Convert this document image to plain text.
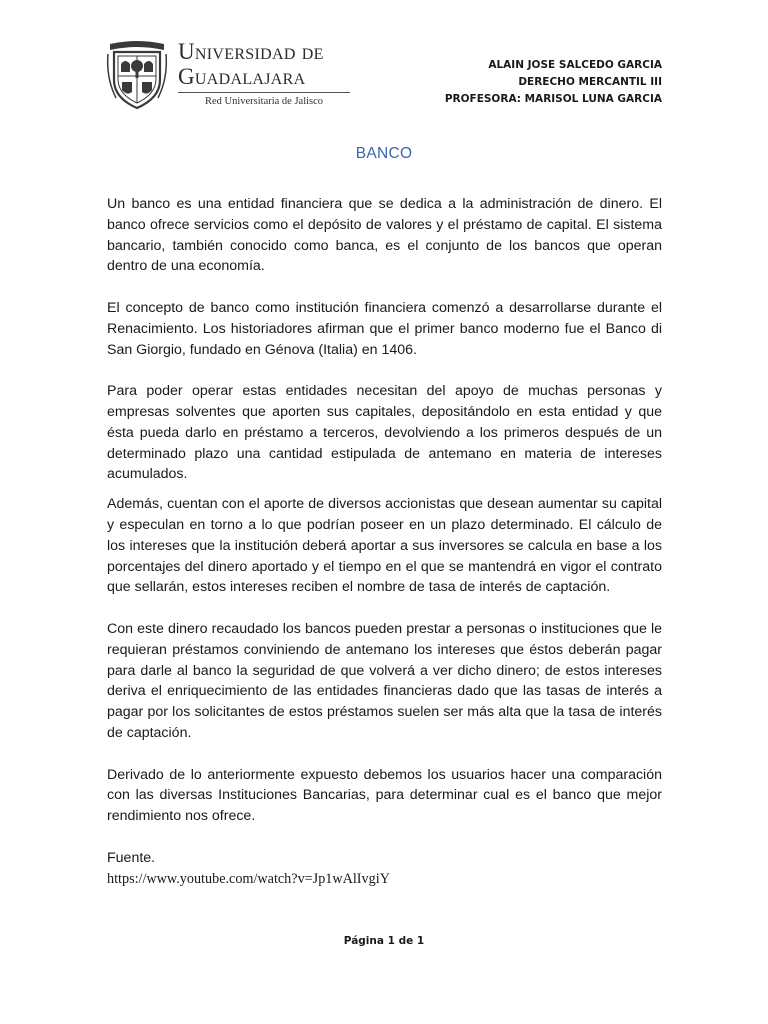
Universidad de
Guadalajara
Red Universitaria de Jalisco
ALAIN JOSE SALCEDO GARCIA
DERECHO MERCANTIL III
PROFESORA: MARISOL LUNA GARCIA
BANCO

Un banco es una entidad financiera que se dedica a la administración de dinero. El banco ofrece servicios como el depósito de valores y el préstamo de capital. El sistema bancario, también conocido como banca, es el conjunto de los bancos que operan dentro de una economía.

El concepto de banco como institución financiera comenzó a desarrollarse durante el Renacimiento. Los historiadores afirman que el primer banco moderno fue el Banco di San Giorgio, fundado en Génova (Italia) en 1406.

Para poder operar estas entidades necesitan del apoyo de muchas personas y empresas solventes que aporten sus capitales, depositándolo en esta entidad y que ésta pueda darlo en préstamo a terceros, devolviendo a los primeros después de un determinado plazo una cantidad estipulada de antemano en materia de intereses acumulados.

Además, cuentan con el aporte de diversos accionistas que desean aumentar su capital y especulan en torno a lo que podrían poseer en un plazo determinado. El cálculo de los intereses que la institución deberá aportar a sus inversores se calcula en base a los porcentajes del dinero aportado y el tiempo en el que se mantendrá en vigor el contrato que sellarán, estos intereses reciben el nombre de tasa de interés de captación.

Con este dinero recaudado los bancos pueden prestar a personas o instituciones que le requieran préstamos conviniendo de antemano los intereses que éstos deberán pagar para darle al banco la seguridad de que volverá a ver dicho dinero; de estos intereses deriva el enriquecimiento de las entidades financieras dado que las tasas de interés a pagar por los solicitantes de estos préstamos suelen ser más alta que la tasa de interés de captación.

Derivado de lo anteriormente expuesto debemos los usuarios hacer una comparación con las diversas Instituciones Bancarias, para determinar cual es el banco que mejor rendimiento nos ofrece.

Fuente.

https://www.youtube.com/watch?v=Jp1wAlIvgiY

Página 1 de 1
